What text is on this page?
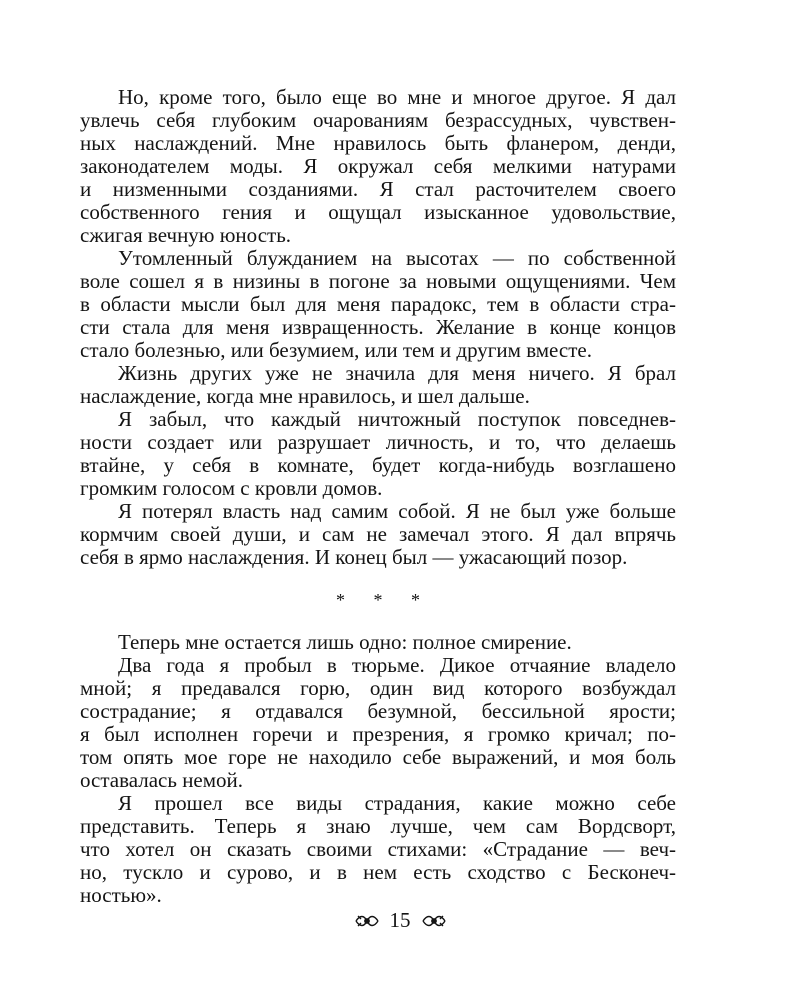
Но, кроме того, было еще во мне и многое другое. Я дал
увлечь себя глубоким очарованиям безрассудных, чувствен-
ных наслаждений. Мне нравилось быть фланером, денди,
законодателем моды. Я окружал себя мелкими натурами
и низменными созданиями. Я стал расточителем своего
собственного гения и ощущал изысканное удовольствие,
сжигая вечную юность.
Утомленный блужданием на высотах — по собственной
воле сошел я в низины в погоне за новыми ощущениями. Чем
в области мысли был для меня парадокс, тем в области стра-
сти стала для меня извращенность. Желание в конце концов
стало болезнью, или безумием, или тем и другим вместе.
Жизнь других уже не значила для меня ничего. Я брал
наслаждение, когда мне нравилось, и шел дальше.
Я забыл, что каждый ничтожный поступок повседнев-
ности создает или разрушает личность, и то, что делаешь
втайне, у себя в комнате, будет когда-нибудь возглашено
громким голосом с кровли домов.
Я потерял власть над самим собой. Я не был уже больше
кормчим своей души, и сам не замечал этого. Я дал впрячь
себя в ярмо наслаждения. И конец был — ужасающий позор.
* * *
Теперь мне остается лишь одно: полное смирение.
Два года я пробыл в тюрьме. Дикое отчаяние владело
мной; я предавался горю, один вид которого возбуждал
сострадание; я отдавался безумной, бессильной ярости;
я был исполнен горечи и презрения, я громко кричал; по-
том опять мое горе не находило себе выражений, и моя боль
оставалась немой.
Я прошел все виды страдания, какие можно себе
представить. Теперь я знаю лучше, чем сам Вордсворт,
что хотел он сказать своими стихами: «Страдание — веч-
но, тускло и сурово, и в нем есть сходство с Бесконеч-
ностью».
15
